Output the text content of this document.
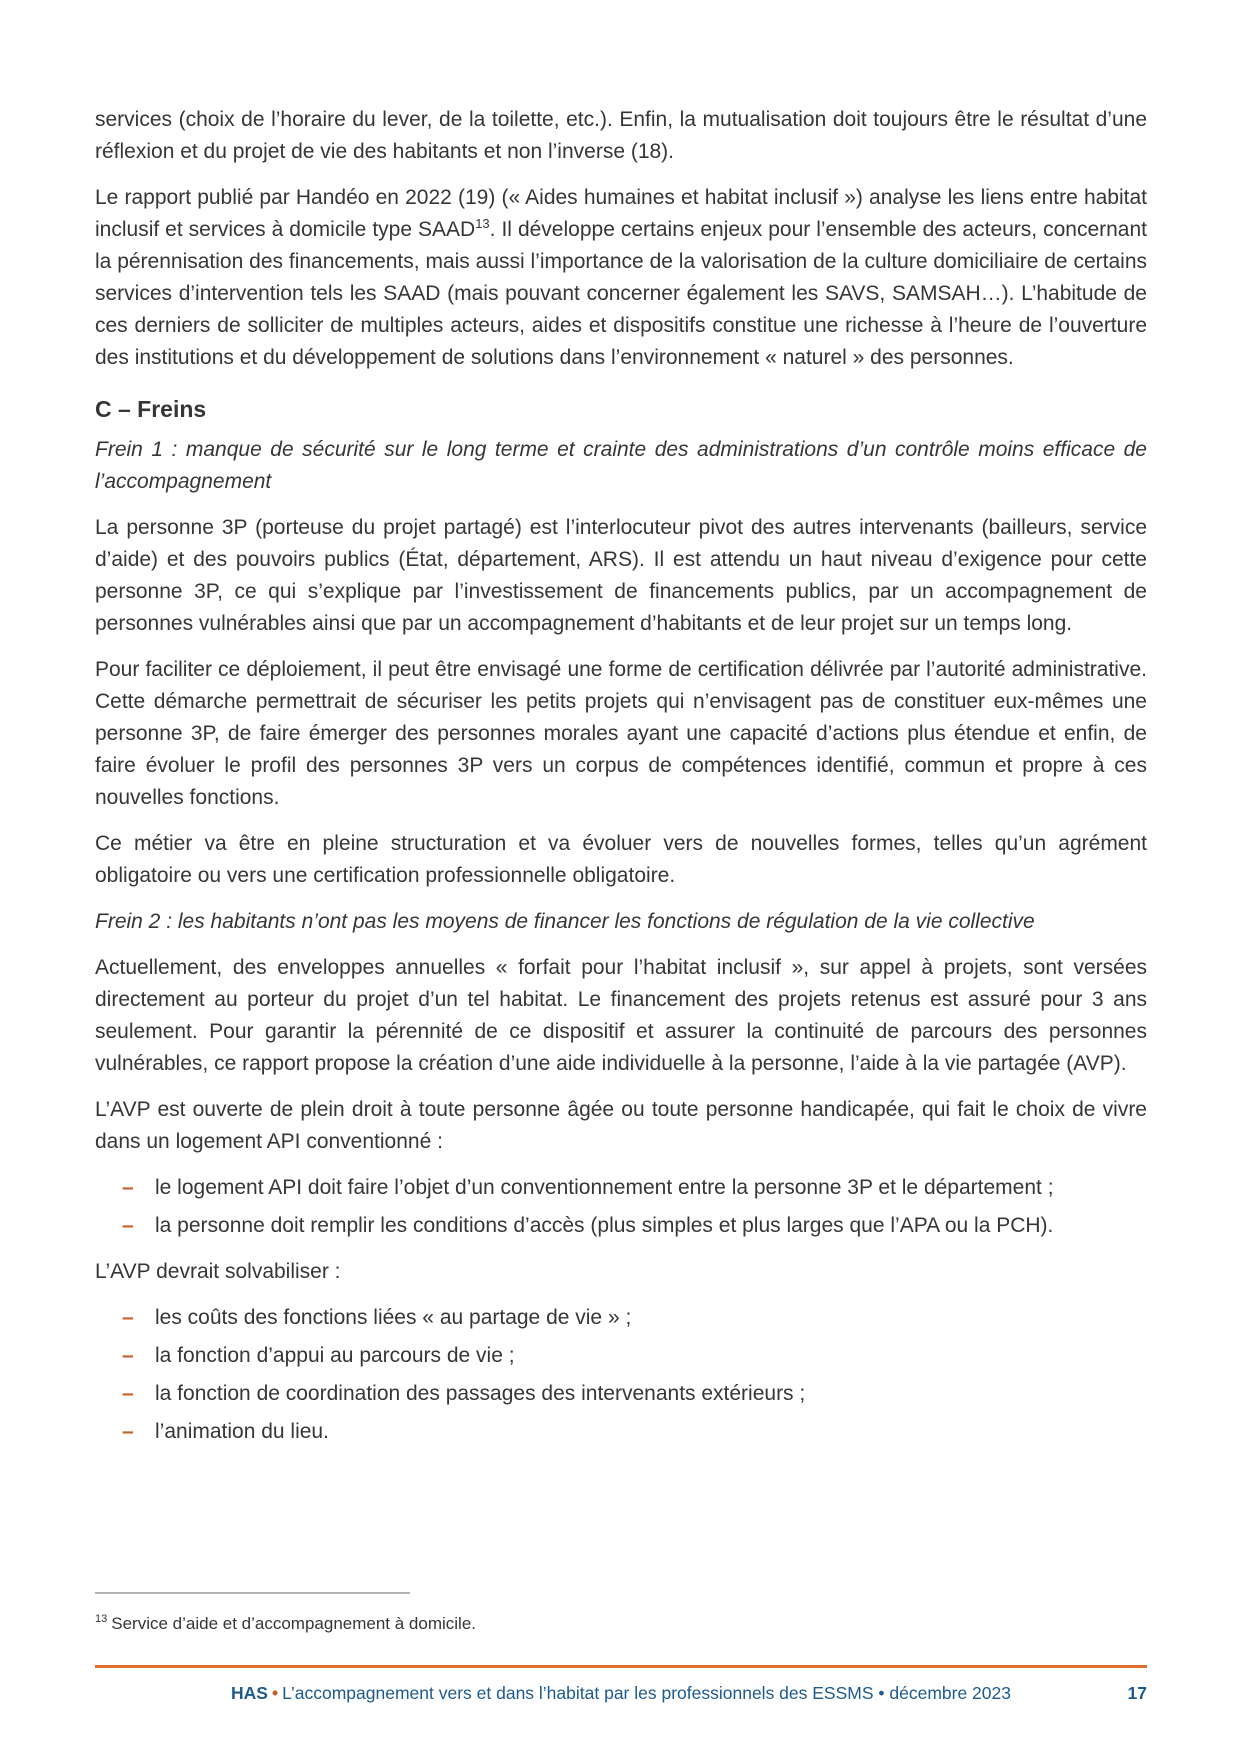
services (choix de l’horaire du lever, de la toilette, etc.). Enfin, la mutualisation doit toujours être le résultat d’une réflexion et du projet de vie des habitants et non l’inverse (18).

Le rapport publié par Handéo en 2022 (19) (« Aides humaines et habitat inclusif ») analyse les liens entre habitat inclusif et services à domicile type SAAD$^{13}$. Il développe certains enjeux pour l’ensemble des acteurs, concernant la pérennisation des financements, mais aussi l’importance de la valorisation de la culture domiciliaire de certains services d’intervention tels les SAAD (mais pouvant concerner également les SAVS, SAMSAH…). L’habitude de ces derniers de solliciter de multiples acteurs, aides et dispositifs constitue une richesse à l’heure de l’ouverture des institutions et du développement de solutions dans l’environnement « naturel » des personnes.

C – Freins

Frein 1 : manque de sécurité sur le long terme et crainte des administrations d’un contrôle moins efficace de l’accompagnement

La personne 3P (porteuse du projet partagé) est l’interlocuteur pivot des autres intervenants (bailleurs, service d’aide) et des pouvoirs publics (État, département, ARS). Il est attendu un haut niveau d’exigence pour cette personne 3P, ce qui s’explique par l’investissement de financements publics, par un accompagnement de personnes vulnérables ainsi que par un accompagnement d’habitants et de leur projet sur un temps long.

Pour faciliter ce déploiement, il peut être envisagé une forme de certification délivrée par l’autorité administrative. Cette démarche permettrait de sécuriser les petits projets qui n’envisagent pas de constituer eux-mêmes une personne 3P, de faire émerger des personnes morales ayant une capacité d’actions plus étendue et enfin, de faire évoluer le profil des personnes 3P vers un corpus de compétences identifié, commun et propre à ces nouvelles fonctions.

Ce métier va être en pleine structuration et va évoluer vers de nouvelles formes, telles qu’un agrément obligatoire ou vers une certification professionnelle obligatoire.

Frein 2 : les habitants n’ont pas les moyens de financer les fonctions de régulation de la vie collective

Actuellement, des enveloppes annuelles « forfait pour l’habitat inclusif », sur appel à projets, sont versées directement au porteur du projet d’un tel habitat. Le financement des projets retenus est assuré pour 3 ans seulement. Pour garantir la pérennité de ce dispositif et assurer la continuité de parcours des personnes vulnérables, ce rapport propose la création d’une aide individuelle à la personne, l’aide à la vie partagée (AVP).

L’AVP est ouverte de plein droit à toute personne âgée ou toute personne handicapée, qui fait le choix de vivre dans un logement API conventionné :

–	le logement API doit faire l’objet d’un conventionnement entre la personne 3P et le département ;
–	la personne doit remplir les conditions d’accès (plus simples et plus larges que l’APA ou la PCH).

L’AVP devrait solvabiliser :

–	les coûts des fonctions liées « au partage de vie » ;
–	la fonction d’appui au parcours de vie ;
–	la fonction de coordination des passages des intervenants extérieurs ;
–	l’animation du lieu.
$^{13}$ Service d’aide et d’accompagnement à domicile.
HAS • L’accompagnement vers et dans l’habitat par les professionnels des ESSMS • décembre 2023	17
